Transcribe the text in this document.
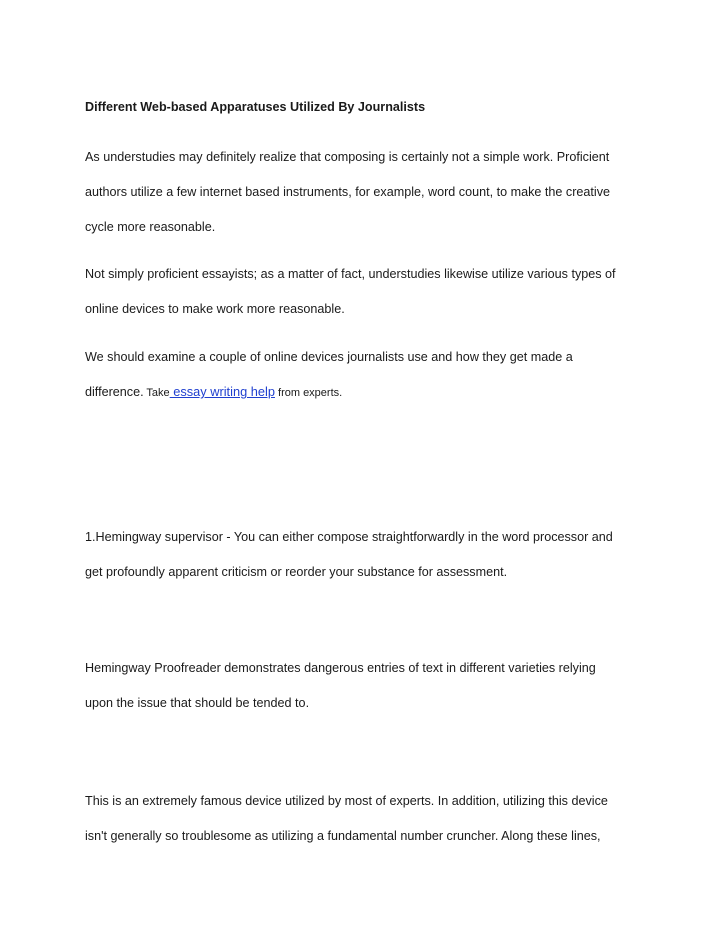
Different Web-based Apparatuses Utilized By Journalists

As understudies may definitely realize that composing is certainly not a simple work. Proficient

authors utilize a few internet based instruments, for example, word count, to make the creative

cycle more reasonable.

Not simply proficient essayists; as a matter of fact, understudies likewise utilize various types of

online devices to make work more reasonable.

We should examine a couple of online devices journalists use and how they get made a

difference. Take essay writing help from experts.

1.Hemingway supervisor - You can either compose straightforwardly in the word processor and

get profoundly apparent criticism or reorder your substance for assessment.

Hemingway Proofreader demonstrates dangerous entries of text in different varieties relying

upon the issue that should be tended to.

This is an extremely famous device utilized by most of experts. In addition, utilizing this device

isn't generally so troublesome as utilizing a fundamental number cruncher. Along these lines,
